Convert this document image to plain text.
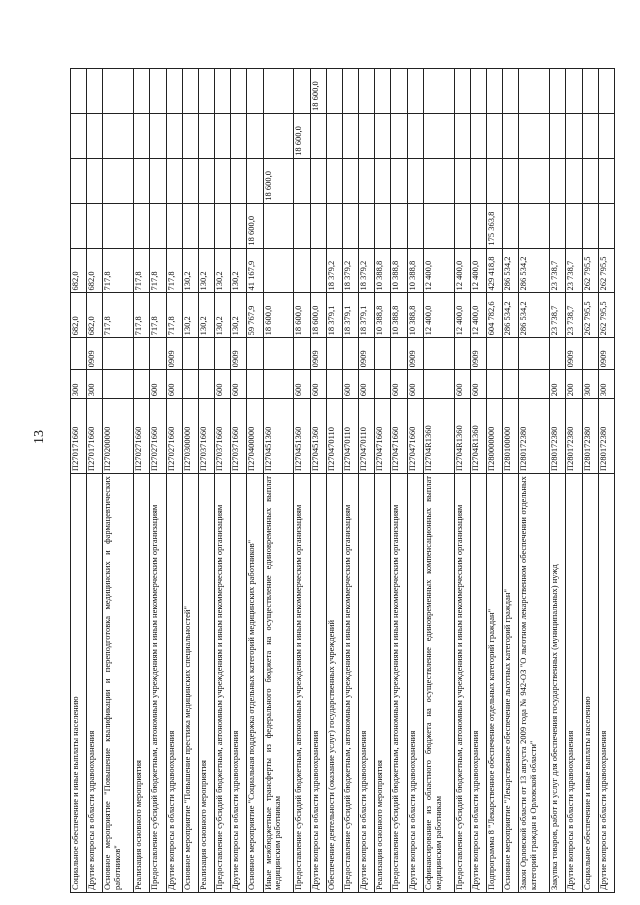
13
Социальное обеспечение и иные выплаты населению	П270171660	300		682,0	682,0				
Другие вопросы в области здравоохранения	П270171660	300	0909	682,0	682,0				
Основное мероприятие "Повышение квалификации и переподготовка медицинских и фармацевтических работников"	П270200000			717,8	717,8				
Реализация основного мероприятия	П270271660			717,8	717,8				
Предоставление субсидий бюджетным, автономным учреждениям и иным некоммерческим организациям	П270271660	600		717,8	717,8				
Другие вопросы в области здравоохранения	П270271660	600	0909	717,8	717,8				
Основное мероприятие "Повышение престижа медицинских специальностей"	П270300000			130,2	130,2				
Реализация основного мероприятия	П270371660			130,2	130,2				
Предоставление субсидий бюджетным, автономным учреждениям и иным некоммерческим организациям	П270371660	600		130,2	130,2				
Другие вопросы в области здравоохранения	П270371660	600	0909	130,2	130,2				
Основное мероприятие "Социальная поддержка отдельных категорий медицинских работников"	П270400000			59 767,9	41 167,9	18 600,0			
Иные межбюджетные трансферты из федерального бюджета на осуществление единовременных выплат медицинским работникам	П270451360			18 600,0			18 600,0		
Предоставление субсидий бюджетным, автономным учреждениям и иным некоммерческим организациям	П270451360	600		18 600,0				18 600,0	
Другие вопросы в области здравоохранения	П270451360	600	0909	18 600,0					18 600,0
Обеспечение деятельности (оказание услуг) государственных учреждений	П270470110			18 379,1	18 379,2				
Предоставление субсидий бюджетным, автономным учреждениям и иным некоммерческим организациям	П270470110	600		18 379,1	18 379,2				
Другие вопросы в области здравоохранения	П270470110	600	0909	18 379,1	18 379,2				
Реализация основного мероприятия	П270471660			10 388,8	10 388,8				
Предоставление субсидий бюджетным, автономным учреждениям и иным некоммерческим организациям	П270471660	600		10 388,8	10 388,8				
Другие вопросы в области здравоохранения	П270471660	600	0909	10 388,8	10 388,8				
Софинансирование из областного бюджета на осуществление единовременных компенсационных выплат медицинским работникам	П2704R1360			12 400,0	12 400,0				
Предоставление субсидий бюджетным, автономным учреждениям и иным некоммерческим организациям	П2704R1360	600		12 400,0	12 400,0				
Другие вопросы в области здравоохранения	П2704R1360	600	0909	12 400,0	12 400,0				
Подпрограмма 8 "Лекарственное обеспечение отдельных категорий граждан"	П280000000			604 782,6	429 418,8	175 363,8			
Основное мероприятие "Лекарственное обеспечение льготных категорий граждан"	П280100000			286 534,2	286 534,2				
Закон Орловской области от 13 августа 2009 года № 942-ОЗ "О льготном лекарственном обеспечении отдельных категорий граждан в Орловской области"	П280172380			286 534,2	286 534,2				
Закупка товаров, работ и услуг для обеспечения государственных (муниципальных) нужд	П280172380	200		23 738,7	23 738,7				
Другие вопросы в области здравоохранения	П280172380	200	0909	23 738,7	23 738,7				
Социальное обеспечение и иные выплаты населению	П280172380	300		262 795,5	262 795,5				
Другие вопросы в области здравоохранения	П280172380	300	0909	262 795,5	262 795,5				
